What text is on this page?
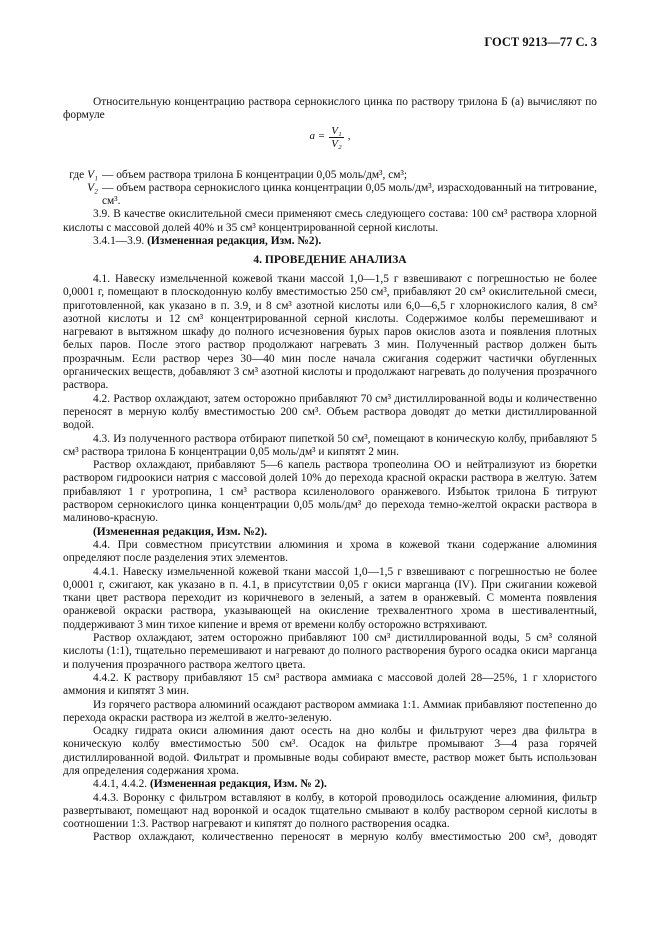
ГОСТ 9213—77 С. 3

Относительную концентрацию раствора сернокислого цинка по раствору трилона Б (а) вычисляют по формуле

$a = \frac{\text{V₁}}{\text{V₂}}$ ,
где V₁ — объем раствора трилона Б концентрации 0,05 моль/дм³, см³;
V₂ — объем раствора сернокислого цинка концентрации 0,05 моль/дм³, израсходованный на титрование, см³.

3.9. В качестве окислительной смеси применяют смесь следующего состава: 100 см³ раствора хлорной кислоты с массовой долей 40% и 35 см³ концентрированной серной кислоты.

3.4.1—3.9. (Измененная редакция, Изм. №2).

4. ПРОВЕДЕНИЕ АНАЛИЗА

4.1. Навеску измельченной кожевой ткани массой 1,0—1,5 г взвешивают с погрешностью не более 0,0001 г, помещают в плоскодонную колбу вместимостью 250 см³, прибавляют 20 см³ окислительной смеси, приготовленной, как указано в п. 3.9, и 8 см³ азотной кислоты или 6,0—6,5 г хлорнокислого калия, 8 см³ азотной кислоты и 12 см³ концентрированной серной кислоты. Содержимое колбы перемешивают и нагревают в вытяжном шкафу до полного исчезновения бурых паров окислов азота и появления плотных белых паров. После этого раствор продолжают нагревать 3 мин. Полученный раствор должен быть прозрачным. Если раствор через 30—40 мин после начала сжигания содержит частички обугленных органических веществ, добавляют 3 см³ азотной кислоты и продолжают нагревать до получения прозрачного раствора.

4.2. Раствор охлаждают, затем осторожно прибавляют 70 см³ дистиллированной воды и количественно переносят в мерную колбу вместимостью 200 см³. Объем раствора доводят до метки дистиллированной водой.

4.3. Из полученного раствора отбирают пипеткой 50 см³, помещают в коническую колбу, прибавляют 5 см³ раствора трилона Б концентрации 0,05 моль/дм³ и кипятят 2 мин.

Раствор охлаждают, прибавляют 5—6 капель раствора тропеолина ОО и нейтрализуют из бюретки раствором гидроокиси натрия с массовой долей 10% до перехода красной окраски раствора в желтую. Затем прибавляют 1 г уротропина, 1 см³ раствора ксиленолового оранжевого. Избыток трилона Б титруют раствором сернокислого цинка концентрации 0,05 моль/дм³ до перехода темно-желтой окраски раствора в малиново-красную.

(Измененная редакция, Изм. №2).

4.4. При совместном присутствии алюминия и хрома в кожевой ткани содержание алюминия определяют после разделения этих элементов.

4.4.1. Навеску измельченной кожевой ткани массой 1,0—1,5 г взвешивают с погрешностью не более 0,0001 г, сжигают, как указано в п. 4.1, в присутствии 0,05 г окиси марганца (IV). При сжигании кожевой ткани цвет раствора переходит из коричневого в зеленый, а затем в оранжевый. С момента появления оранжевой окраски раствора, указывающей на окисление трехвалентного хрома в шестивалентный, поддерживают 3 мин тихое кипение и время от времени колбу осторожно встряхивают.

Раствор охлаждают, затем осторожно прибавляют 100 см³ дистиллированной воды, 5 см³ соляной кислоты (1:1), тщательно перемешивают и нагревают до полного растворения бурого осадка окиси марганца и получения прозрачного раствора желтого цвета.

4.4.2. К раствору прибавляют 15 см³ раствора аммиака с массовой долей 28—25%, 1 г хлористого аммония и кипятят 3 мин.

Из горячего раствора алюминий осаждают раствором аммиака 1:1. Аммиак прибавляют постепенно до перехода окраски раствора из желтой в желто-зеленую.

Осадку гидрата окиси алюминия дают осесть на дно колбы и фильтруют через два фильтра в коническую колбу вместимостью 500 см³. Осадок на фильтре промывают 3—4 раза горячей дистиллированной водой. Фильтрат и промывные воды собирают вместе, раствор может быть использован для определения содержания хрома.

4.4.1, 4.4.2. (Измененная редакция, Изм. № 2).

4.4.3. Воронку с фильтром вставляют в колбу, в которой проводилось осаждение алюминия, фильтр развертывают, помещают над воронкой и осадок тщательно смывают в колбу раствором серной кислоты в соотношении 1:3. Раствор нагревают и кипятят до полного растворения осадка.

Раствор охлаждают, количественно переносят в мерную колбу вместимостью 200 см³, доводят
